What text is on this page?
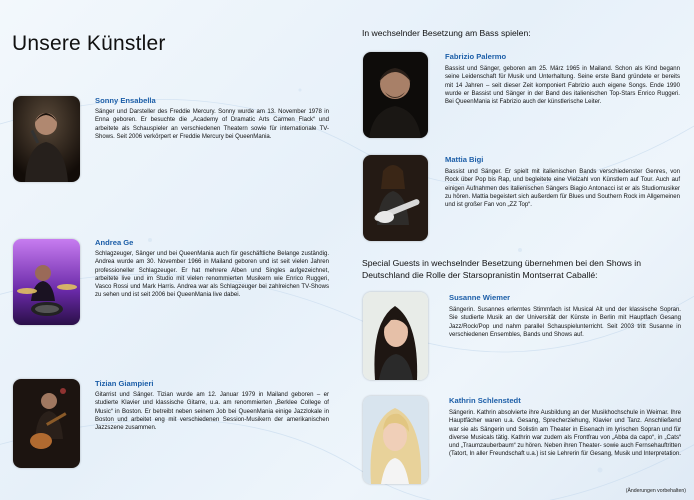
Unsere Künstler
Sonny Ensabella
Sänger und Darsteller des Freddie Mercury. Sonny wurde am 13. November 1978 in Enna geboren. Er besuchte die „Academy of Dramatic Arts Carmen Flack“ und arbeitete als Schauspieler an verschiedenen Theatern sowie für internationale TV-Shows. Seit 2006 verkörpert er Freddie Mercury bei QueenMania.
Andrea Ge
Schlagzeuger, Sänger und bei QueenMania auch für geschäftliche Belange zuständig. Andrea wurde am 30. November 1966 in Mailand geboren und ist seit vielen Jahren professioneller Schlagzeuger. Er hat mehrere Alben und Singles aufgezeichnet, arbeitete live und im Studio mit vielen renommierten Musikern wie Enrico Ruggeri, Vasco Rossi und Mark Harris. Andrea war als Schlagzeuger bei zahlreichen TV-Shows zu sehen und ist seit 2006 bei QueenMania live dabei.
Tizian Giampieri
Gitarrist und Sänger. Tizian wurde am 12. Januar 1979 in Mailand geboren – er studierte Klavier und klassische Gitarre, u.a. am renommierten „Berklee College of Music“ in Boston. Er betreibt neben seinem Job bei QueenMania einige Jazzlokale in Boston und arbeitet eng mit verschiedenen Session-Musikern der amerikanischen Jazzszene zusammen.
In wechselnder Besetzung am Bass spielen:
Fabrizio Palermo
Bassist und Sänger, geboren am 25. März 1965 in Mailand. Schon als Kind begann seine Leidenschaft für Musik und Unterhaltung. Seine erste Band gründete er bereits mit 14 Jahren – seit dieser Zeit komponiert Fabrizio auch eigene Songs. Ende 1990 wurde er Bassist und Sänger in der Band des italienischen Top-Stars Enrico Ruggeri. Bei QueenMania ist Fabrizio auch der künstlerische Leiter.
Mattia Bigi
Bassist und Sänger. Er spielt mit italienischen Bands verschiedenster Genres, von Rock über Pop bis Rap, und begleitete eine Vielzahl von Künstlern auf Tour. Auch auf einigen Aufnahmen des italienischen Sängers Biagio Antonacci ist er als Studiomusiker zu hören. Mattia begeistert sich außerdem für Blues und Southern Rock im Allgemeinen und ist großer Fan von „ZZ Top“.
Special Guests in wechselnder Besetzung übernehmen bei den Shows in Deutschland die Rolle der Starsopranistin Montserrat Caballé:
Susanne Wiemer
Sängerin. Susannes erlerntes Stimmfach ist Musical Alt und der klassische Sopran. Sie studierte Musik an der Universität der Künste in Berlin mit Hauptfach Gesang Jazz/Rock/Pop und nahm parallel Schauspielunterricht. Seit 2003 tritt Susanne in verschiedenen Ensembles, Bands und Shows auf.
Kathrin Schlenstedt
Sängerin. Kathrin absolvierte ihre Ausbildung an der Musikhochschule in Weimar. Ihre Hauptfächer waren u.a. Gesang, Sprecherziehung, Klavier und Tanz. Anschließend war sie als Sängerin und Solistin am Theater in Eisenach im lyrischen Sopran und für diverse Musicals tätig. Kathrin war zudem als Frontfrau von „Abba da capo“, in „Cats“ und „Traumzauberbaum“ zu hören. Neben ihren Theater- sowie auch Fernsehauftritten (Tatort, In aller Freundschaft u.a.) ist sie Lehrerin für Gesang, Musik und Interpretation.
(Änderungen vorbehalten)
